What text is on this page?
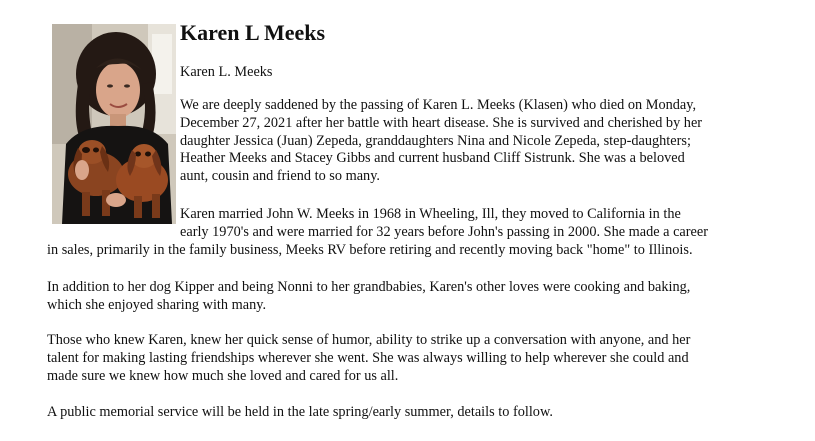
Karen L Meeks

Karen L. Meeks

We are deeply saddened by the passing of Karen L. Meeks (Klasen) who died on Monday,
December 27, 2021 after her battle with heart disease. She is survived and cherished by her
daughter Jessica (Juan) Zepeda, granddaughters Nina and Nicole Zepeda, step-daughters;
Heather Meeks and Stacey Gibbs and current husband Cliff Sistrunk. She was a beloved
aunt, cousin and friend to so many.

Karen married John W. Meeks in 1968 in Wheeling, Ill, they moved to California in the
early 1970's and were married for 32 years before John's passing in 2000. She made a career

in sales, primarily in the family business, Meeks RV before retiring and recently moving back "home" to Illinois.

In addition to her dog Kipper and being Nonni to her grandbabies, Karen's other loves were cooking and baking,
which she enjoyed sharing with many.

Those who knew Karen, knew her quick sense of humor, ability to strike up a conversation with anyone, and her
talent for making lasting friendships wherever she went. She was always willing to help wherever she could and
made sure we knew how much she loved and cared for us all.

A public memorial service will be held in the late spring/early summer, details to follow.
